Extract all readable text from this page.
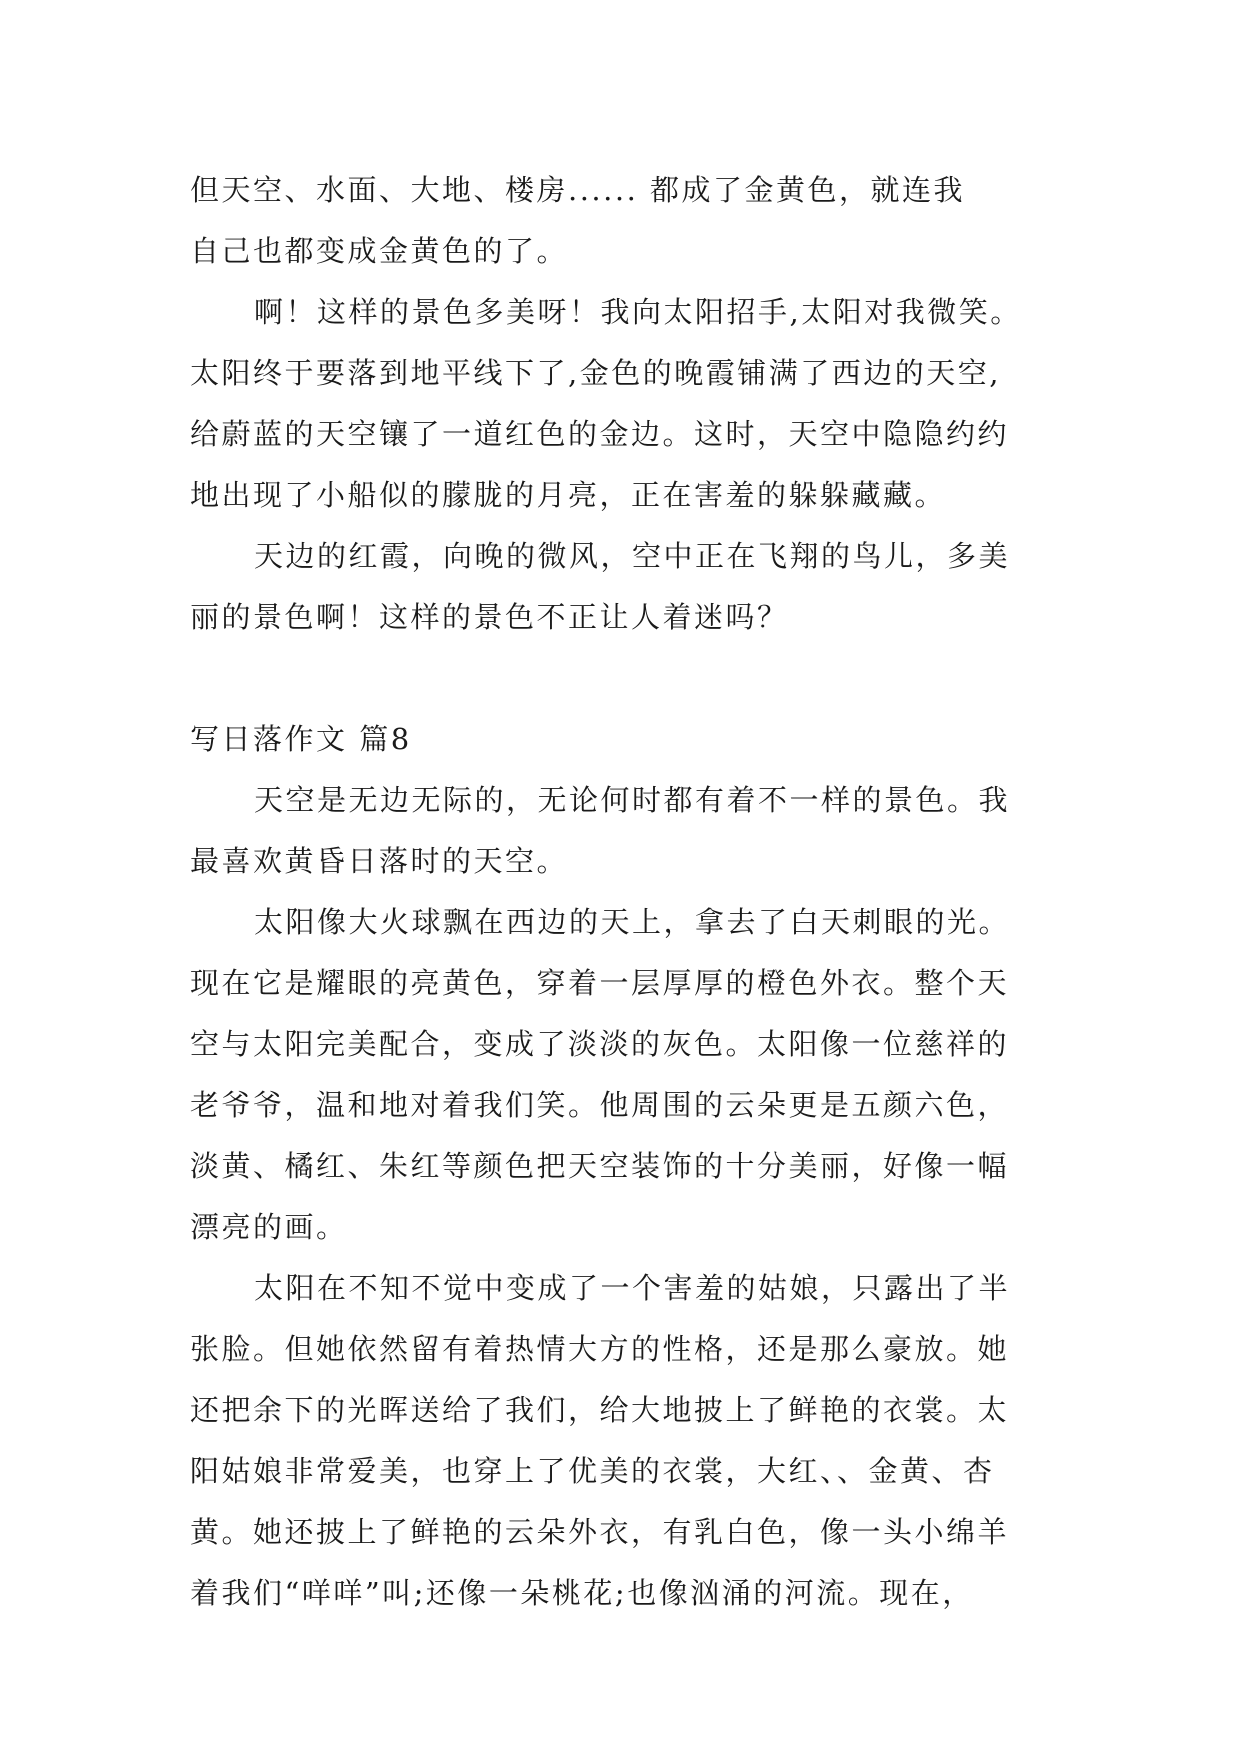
但天空、水面、大地、楼房...... 都成了金黄色，就连我
自己也都变成金黄色的了。
啊！这样的景色多美呀！我向太阳招手,太阳对我微笑。
太阳终于要落到地平线下了,金色的晚霞铺满了西边的天空,
给蔚蓝的天空镶了一道红色的金边。这时，天空中隐隐约约
地出现了小船似的朦胧的月亮，正在害羞的躲躲藏藏。
天边的红霞，向晚的微风，空中正在飞翔的鸟儿，多美
丽的景色啊！这样的景色不正让人着迷吗？
写日落作文 篇8
天空是无边无际的，无论何时都有着不一样的景色。我
最喜欢黄昏日落时的天空。
太阳像大火球飘在西边的天上，拿去了白天刺眼的光。
现在它是耀眼的亮黄色，穿着一层厚厚的橙色外衣。整个天
空与太阳完美配合，变成了淡淡的灰色。太阳像一位慈祥的
老爷爷，温和地对着我们笑。他周围的云朵更是五颜六色，
淡黄、橘红、朱红等颜色把天空装饰的十分美丽，好像一幅
漂亮的画。
太阳在不知不觉中变成了一个害羞的姑娘，只露出了半
张脸。但她依然留有着热情大方的性格，还是那么豪放。她
还把余下的光晖送给了我们，给大地披上了鲜艳的衣裳。太
阳姑娘非常爱美，也穿上了优美的衣裳，大红、、金黄、杏
黄。她还披上了鲜艳的云朵外衣，有乳白色，像一头小绵羊
着我们“咩咩”叫;还像一朵桃花;也像汹涌的河流。现在，
